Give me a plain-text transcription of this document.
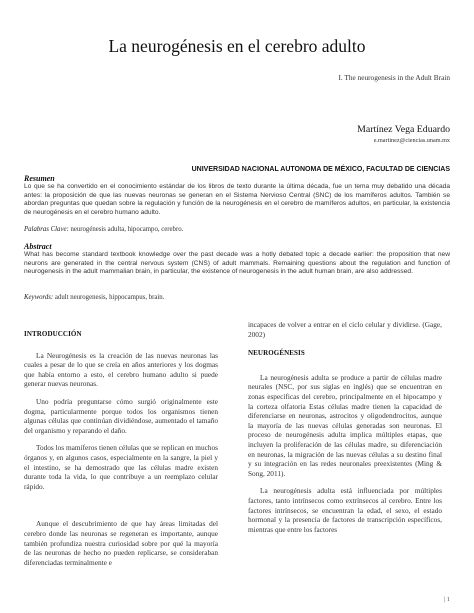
La neurogénesis en el cerebro adulto
I. The neurogenesis in the Adult Brain
Martínez Vega Eduardo
e.martinez@ciencias.unam.mx
UNIVERSIDAD NACIONAL AUTONOMA DE MÉXICO, FACULTAD DE CIENCIAS
Resumen
Lo que se ha convertido en el conocimiento estándar de los libros de texto durante la última década, fue un tema muy debatido una década antes: la proposición de que las nuevas neuronas se generan en el Sistema Nervioso Central (SNC) de los mamíferos adultos. También se abordan preguntas que quedan sobre la regulación y función de la neurogénesis en el cerebro de mamíferos adultos, en particular, la existencia de neurogénesis en el cerebro humano adulto.
Palabras Clave: neurogénesis adulta, hipocampo, cerebro.
Abstract
What has become standard textbook knowledge over the past decade was a hotly debated topic a decade earlier: the proposition that new neurons are generated in the central nervous system (CNS) of adult mammals. Remaining questions about the regulation and function of neurogenesis in the adult mammalian brain, in particular, the existence of neurogenesis in the adult human brain, are also addressed.
Keywords: adult neurogenesis, hippocampus, brain.
INTRODUCCIÓN

La Neurogénesis es la creación de las nuevas neuronas las cuales a pesar de lo que se creía en años anteriores y los dogmas que había entorno a esto, el cerebro humano adulto si puede generar nuevas neuronas.

Uno podría preguntarse cómo surgió originalmente este dogma, particularmente porque todos los organismos tienen algunas células que continúan dividiéndose, aumentado el tamaño del organismo y reparando el daño.

Todos los mamíferos tienen células que se replican en muchos órganos y, en algunos casos, especialmente en la sangre, la piel y el intestino, se ha demostrado que las células madre existen durante toda la vida, lo que contribuye a un reemplazo celular rápido.

Aunque el descubrimiento de que hay áreas limitadas del cerebro donde las neuronas se regeneran es importante, aunque también profundiza nuestra curiosidad sobre por qué la mayoría de las neuronas de hecho no pueden replicarse, se consideraban diferenciadas terminalmente e

incapaces de volver a entrar en el ciclo celular y dividirse. (Gage, 2002)

NEUROGÉNESIS

La neurogénesis adulta se produce a partir de células madre neurales (NSC, por sus siglas en inglés) que se encuentran en zonas específicas del cerebro, principalmente en el hipocampo y la corteza olfatoria Estas células madre tienen la capacidad de diferenciarse en neuronas, astrocitos y oligodendrocitos, aunque la mayoría de las nuevas células generadas son neuronas. El proceso de neurogénesis adulta implica múltiples etapas, que incluyen la proliferación de las células madre, su diferenciación en neuronas, la migración de las nuevas células a su destino final y su integración en las redes neuronales preexistentes (Ming & Song, 2011).

La neurogénesis adulta está influenciada por múltiples factores, tanto intrínsecos como extrínsecos al cerebro. Entre los factores intrínsecos, se encuentran la edad, el sexo, el estado hormonal y la presencia de factores de transcripción específicos, mientras que entre los factores

| 1
